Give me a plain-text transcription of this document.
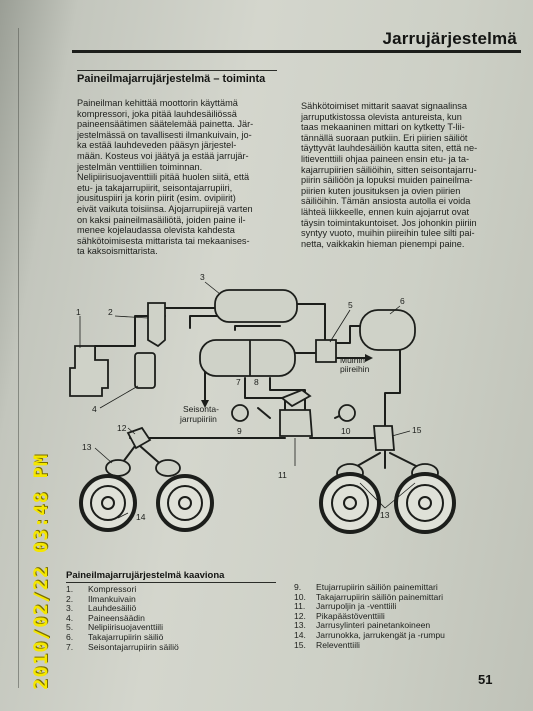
Jarrujärjestelmä
Paineilmajarrujärjestelmä – toiminta
Paineilman kehittää moottorin käyttämä
kompressori, joka pitää lauhdesäiliössä
paineensäätimen säätelemää painetta. Jär-
jestelmässä on tavallisesti ilmankuivain, jo-
ka estää lauhdeveden pääsyn järjestel-
mään. Kosteus voi jäätyä ja estää jarrujär-
jestelmän venttiilien toiminnan.
Nelipiirisuojaventtiili pitää huolen siitä, että
etu- ja takajarrupiirit, seisontajarrupiiri,
jousituspiiri ja korin piirit (esim. ovipiirit)
eivät vaikuta toisiinsa. Ajojarrupiirejä varten
on kaksi paineilmasäiliötä, joiden paine il-
menee kojelaudassa olevista kahdesta
sähkötoimisesta mittarista tai mekaanises-
ta kaksoismittarista.
Sähkötoimiset mittarit saavat signaalinsa
jarruputkistossa olevista antureista, kun
taas mekaaninen mittari on kytketty T-lii-
tännällä suoraan putkiin. Eri piirien säiliöt
täyttyvät lauhdesäiliön kautta siten, että ne-
litieventtiili ohjaa paineen ensin etu- ja ta-
kajarrupiirien säiliöihin, sitten seisontajarru-
piirin säiliöön ja lopuksi muiden paineilma-
piirien kuten jousituksen ja ovien piirien
säiliöihin. Tämän ansiosta autolla ei voida
lähteä liikkeelle, ennen kuin ajojarrut ovat
täysin toimintakuntoiset. Jos johonkin piiriin
syntyy vuoto, muihin piireihin tulee silti pai-
netta, vaikkakin hieman pienempi paine.
1	2
3
4
5	6
7 8
9	10
11
12
13
13
14
15
Muihin
piireihin
Seisonta-
jarrupiiriin
Paineilmajarrujärjestelmä kaaviona
1. Kompressori
2. Ilmankuivain
3. Lauhdesäiliö
4. Paineensäädin
5. Nelipiirisuojaventtiili
6. Takajarrupiirin säiliö
7. Seisontajarrupiirin säiliö
9. Etujarrupiirin säiliön painemittari
10. Takajarrupiirin säiliön painemittari
11. Jarrupoljin ja -venttiili
12. Pikapäästöventtiili
13. Jarrusylinteri painetankoineen
14. Jarrunokka, jarrukengät ja -rumpu
15. Releventtiili
51
2010/02/22 03:48 PM
